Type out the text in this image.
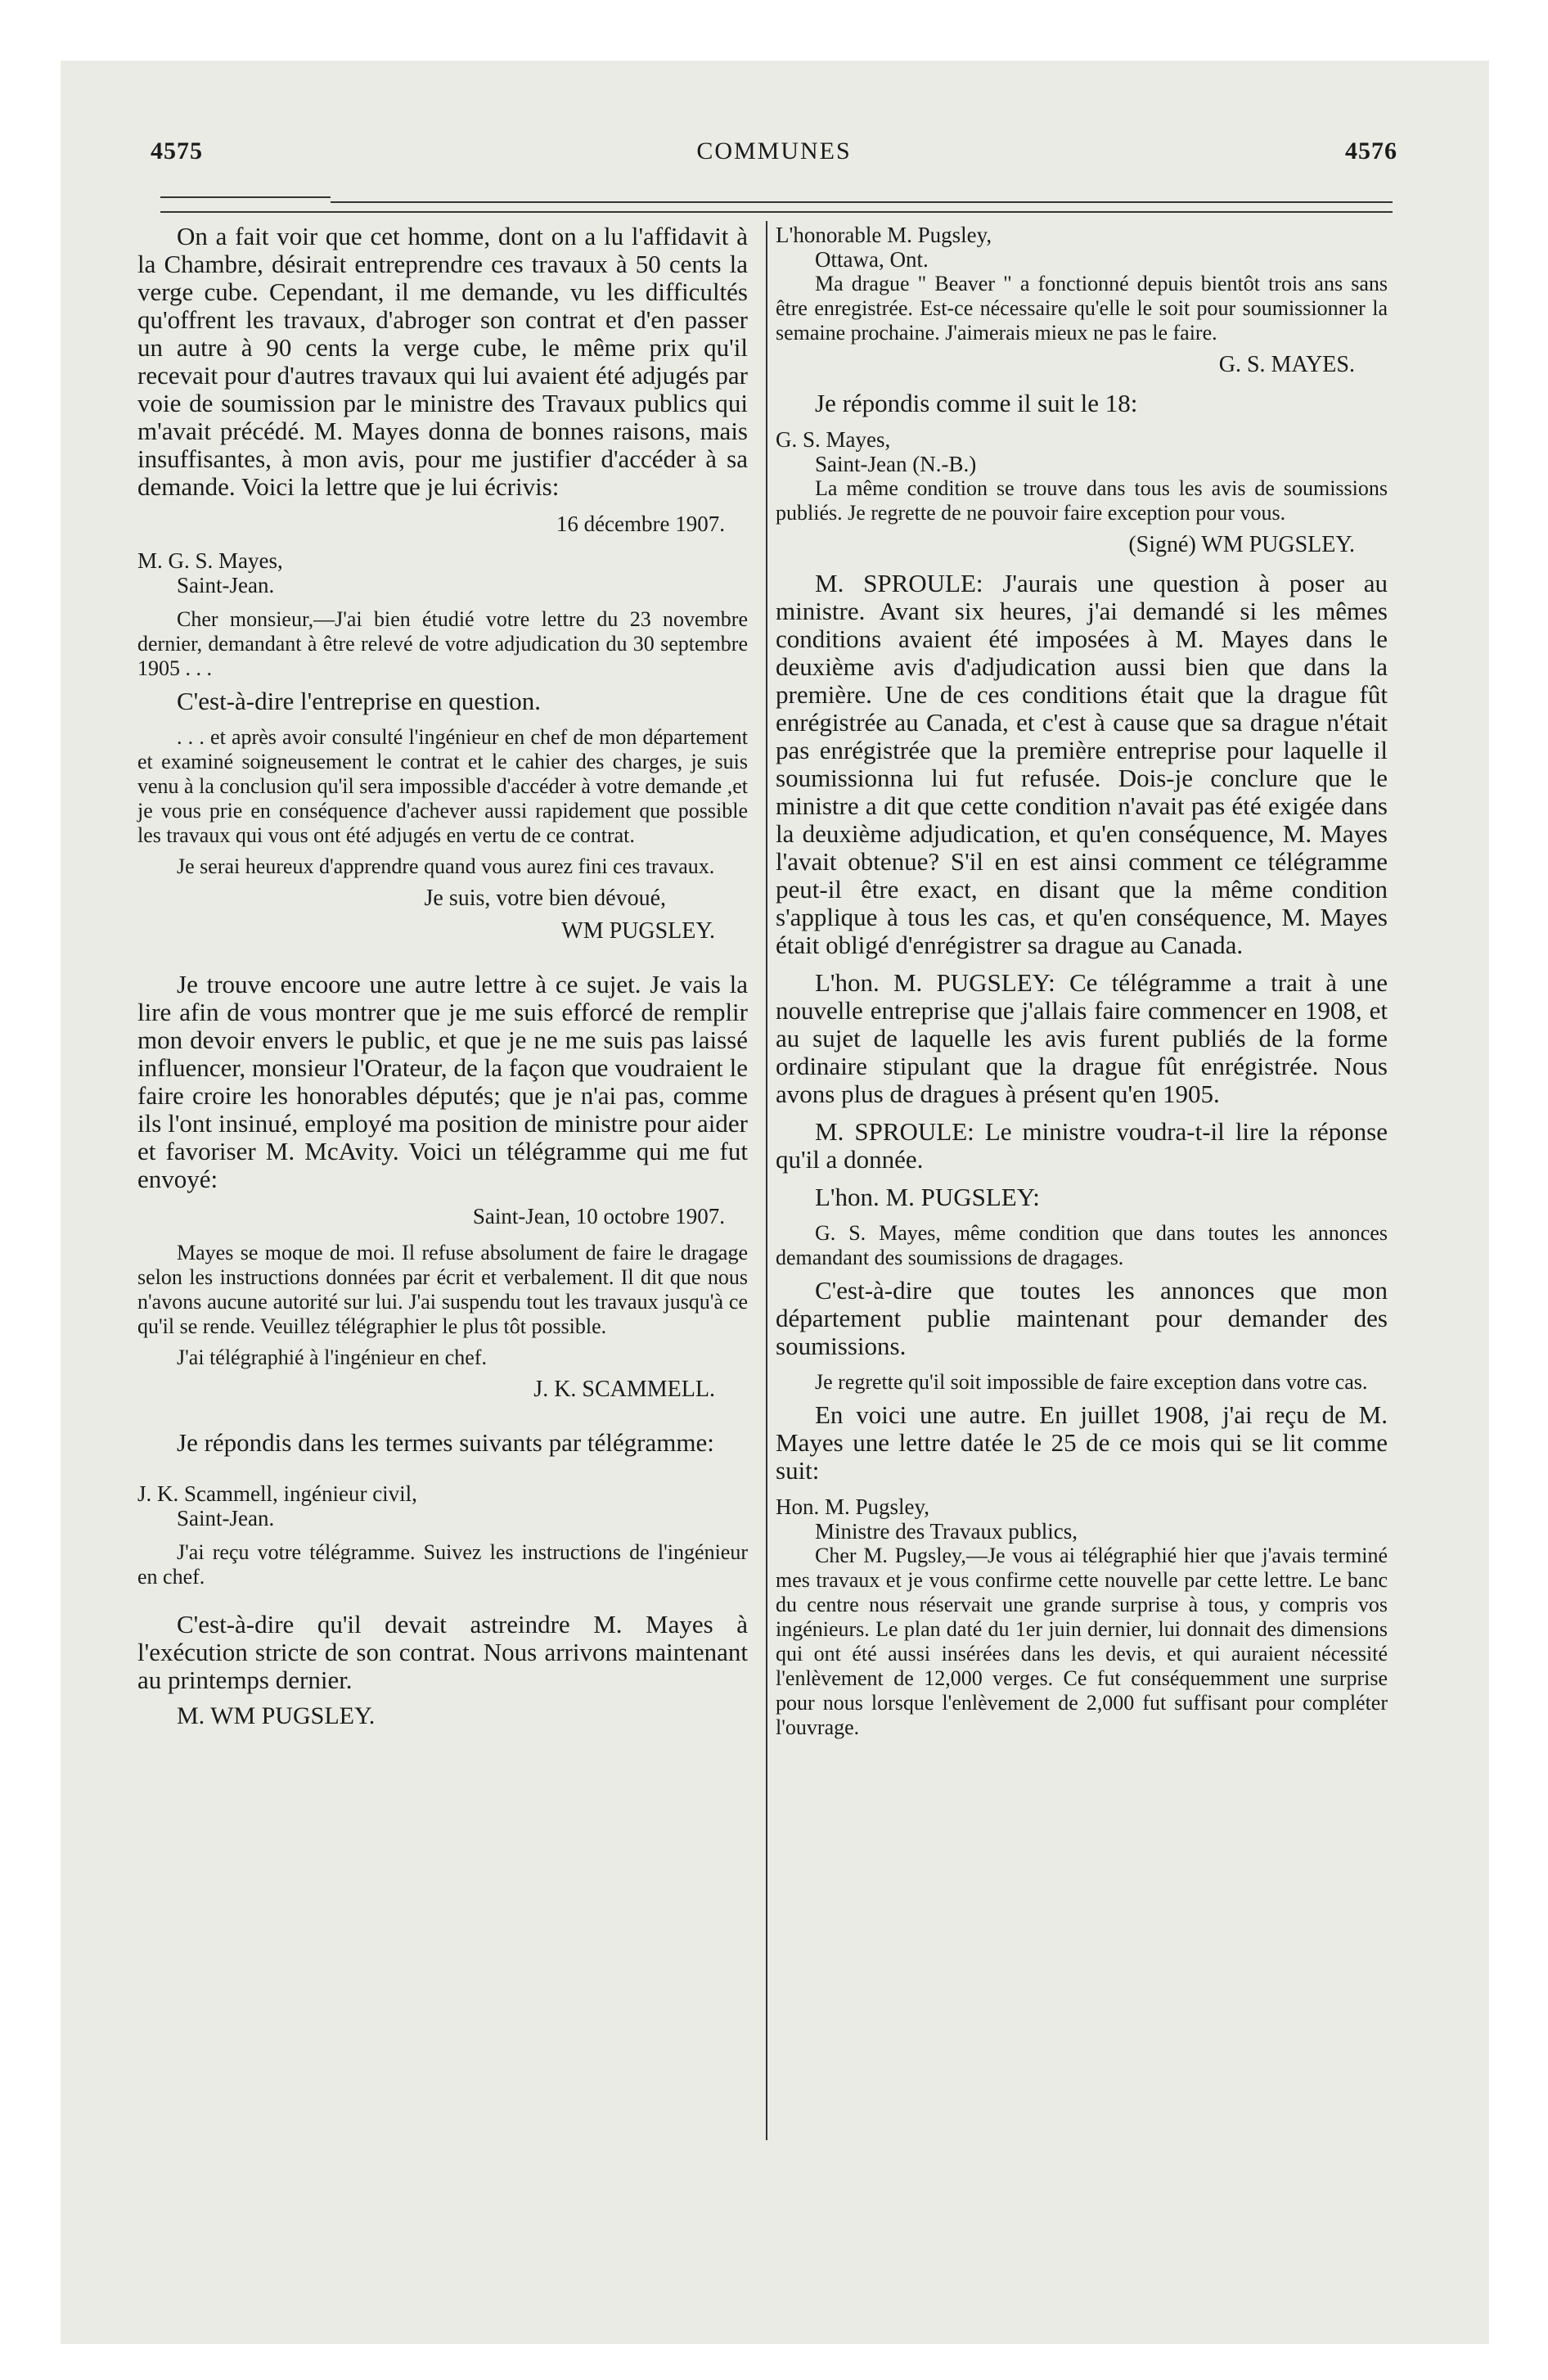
4575	COMMUNES	4576

On a fait voir que cet homme, dont on a lu l'affidavit à la Chambre, désirait entreprendre ces travaux à 50 cents la verge cube. Cependant, il me demande, vu les difficultés qu'offrent les travaux, d'abroger son contrat et d'en passer un autre à 90 cents la verge cube, le même prix qu'il recevait pour d'autres travaux qui lui avaient été adjugés par voie de soumission par le ministre des Travaux publics qui m'avait précédé. M. Mayes donna de bonnes raisons, mais insuffisantes, à mon avis, pour me justifier d'accéder à sa demande. Voici la lettre que je lui écrivis:

16 décembre 1907.

M. G. S. Mayes,

Saint-Jean.

Cher monsieur,—J'ai bien étudié votre lettre du 23 novembre dernier, demandant à être relevé de votre adjudication du 30 septembre 1905 . . .

C'est-à-dire l'entreprise en question.

. . . et après avoir consulté l'ingénieur en chef de mon département et examiné soigneusement le contrat et le cahier des charges, je suis venu à la conclusion qu'il sera impossible d'accéder à votre demande ,et je vous prie en conséquence d'achever aussi rapidement que possible les travaux qui vous ont été adjugés en vertu de ce contrat.

Je serai heureux d'apprendre quand vous aurez fini ces travaux.

Je suis, votre bien dévoué,

WM PUGSLEY.

Je trouve encoore une autre lettre à ce sujet. Je vais la lire afin de vous montrer que je me suis efforcé de remplir mon devoir envers le public, et que je ne me suis pas laissé influencer, monsieur l'Orateur, de la façon que voudraient le faire croire les honorables députés; que je n'ai pas, comme ils l'ont insinué, employé ma position de ministre pour aider et favoriser M. McAvity. Voici un télégramme qui me fut envoyé:

Saint-Jean, 10 octobre 1907.

Mayes se moque de moi. Il refuse absolument de faire le dragage selon les instructions données par écrit et verbalement. Il dit que nous n'avons aucune autorité sur lui. J'ai suspendu tout les travaux jusqu'à ce qu'il se rende. Veuillez télégraphier le plus tôt possible.

J'ai télégraphié à l'ingénieur en chef.

J. K. SCAMMELL.

Je répondis dans les termes suivants par télégramme:

J. K. Scammell, ingénieur civil,

Saint-Jean.

J'ai reçu votre télégramme. Suivez les instructions de l'ingénieur en chef.

C'est-à-dire qu'il devait astreindre M. Mayes à l'exécution stricte de son contrat. Nous arrivons maintenant au printemps dernier.

M. WM PUGSLEY.

L'honorable M. Pugsley,

Ottawa, Ont.

Ma drague " Beaver " a fonctionné depuis bientôt trois ans sans être enregistrée. Est-ce nécessaire qu'elle le soit pour soumissionner la semaine prochaine. J'aimerais mieux ne pas le faire.

G. S. MAYES.

Je répondis comme il suit le 18:

G. S. Mayes,

Saint-Jean (N.-B.)

La même condition se trouve dans tous les avis de soumissions publiés. Je regrette de ne pouvoir faire exception pour vous.

(Signé) WM PUGSLEY.

M. SPROULE: J'aurais une question à poser au ministre. Avant six heures, j'ai demandé si les mêmes conditions avaient été imposées à M. Mayes dans le deuxième avis d'adjudication aussi bien que dans la première. Une de ces conditions était que la drague fût enrégistrée au Canada, et c'est à cause que sa drague n'était pas enrégistrée que la première entreprise pour laquelle il soumissionna lui fut refusée. Dois-je conclure que le ministre a dit que cette condition n'avait pas été exigée dans la deuxième adjudication, et qu'en conséquence, M. Mayes l'avait obtenue? S'il en est ainsi comment ce télégramme peut-il être exact, en disant que la même condition s'applique à tous les cas, et qu'en conséquence, M. Mayes était obligé d'enrégistrer sa drague au Canada.

L'hon. M. PUGSLEY: Ce télégramme a trait à une nouvelle entreprise que j'allais faire commencer en 1908, et au sujet de laquelle les avis furent publiés de la forme ordinaire stipulant que la drague fût enrégistrée. Nous avons plus de dragues à présent qu'en 1905.

M. SPROULE: Le ministre voudra-t-il lire la réponse qu'il a donnée.

L'hon. M. PUGSLEY:

G. S. Mayes, même condition que dans toutes les annonces demandant des soumissions de dragages.

C'est-à-dire que toutes les annonces que mon département publie maintenant pour demander des soumissions.

Je regrette qu'il soit impossible de faire exception dans votre cas.

En voici une autre. En juillet 1908, j'ai reçu de M. Mayes une lettre datée le 25 de ce mois qui se lit comme suit:

Hon. M. Pugsley,

Ministre des Travaux publics,

Cher M. Pugsley,—Je vous ai télégraphié hier que j'avais terminé mes travaux et je vous confirme cette nouvelle par cette lettre. Le banc du centre nous réservait une grande surprise à tous, y compris vos ingénieurs. Le plan daté du 1er juin dernier, lui donnait des dimensions qui ont été aussi insérées dans les devis, et qui auraient nécessité l'enlèvement de 12,000 verges. Ce fut conséquemment une surprise pour nous lorsque l'enlèvement de 2,000 fut suffisant pour compléter l'ouvrage.
